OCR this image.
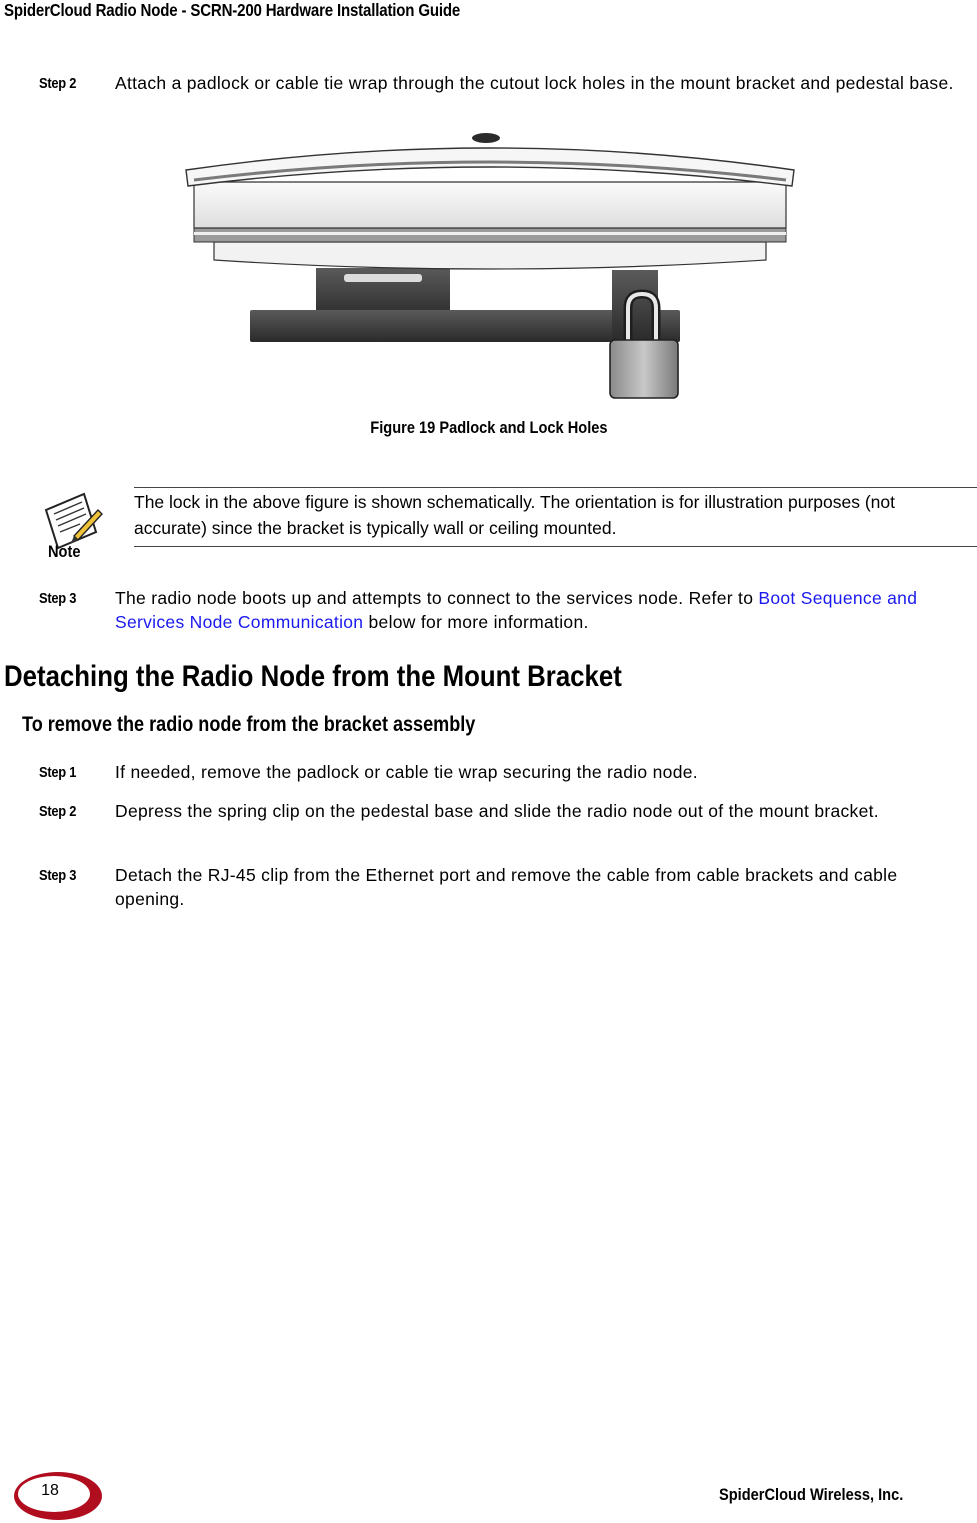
SpiderCloud Radio Node - SCRN-200 Hardware Installation Guide
Step 2 Attach a padlock or cable tie wrap through the cutout lock holes in the mount bracket and pedestal base.
Figure 19 Padlock and Lock Holes
Note
The lock in the above figure is shown schematically. The orientation is for illustration purposes (not accurate) since the bracket is typically wall or ceiling mounted.
Step 3 The radio node boots up and attempts to connect to the services node. Refer to Boot Sequence and Services Node Communication below for more information.
Detaching the Radio Node from the Mount Bracket
To remove the radio node from the bracket assembly
Step 1 If needed, remove the padlock or cable tie wrap securing the radio node.
Step 2 Depress the spring clip on the pedestal base and slide the radio node out of the mount bracket.
Step 3 Detach the RJ-45 clip from the Ethernet port and remove the cable from cable brackets and cable opening.
18	SpiderCloud Wireless, Inc.
